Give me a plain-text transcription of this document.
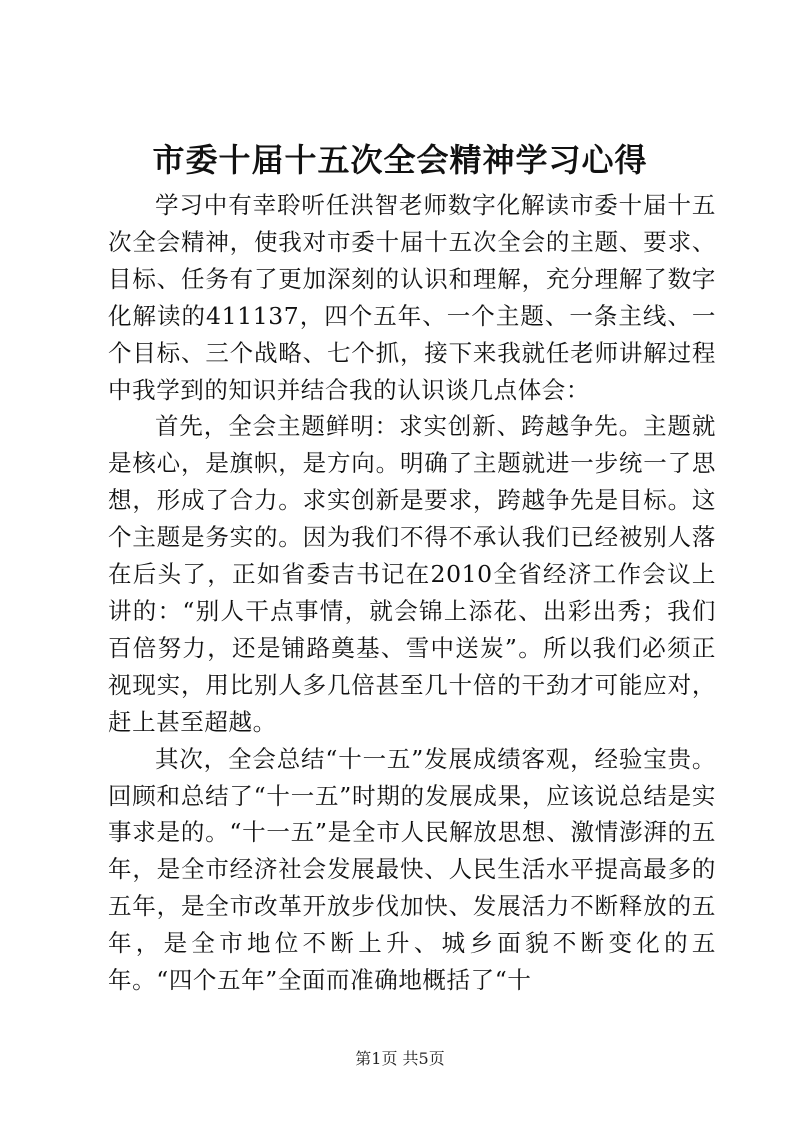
市委十届十五次全会精神学习心得

学习中有幸聆听任洪智老师数字化解读市委十届十五次全会精神，使我对市委十届十五次全会的主题、要求、目标、任务有了更加深刻的认识和理解，充分理解了数字化解读的411137，四个五年、一个主题、一条主线、一个目标、三个战略、七个抓，接下来我就任老师讲解过程中我学到的知识并结合我的认识谈几点体会：

首先，全会主题鲜明：求实创新、跨越争先。主题就是核心，是旗帜，是方向。明确了主题就进一步统一了思想，形成了合力。求实创新是要求，跨越争先是目标。这个主题是务实的。因为我们不得不承认我们已经被别人落在后头了，正如省委吉书记在2010全省经济工作会议上讲的：“别人干点事情，就会锦上添花、出彩出秀；我们百倍努力，还是铺路奠基、雪中送炭”。所以我们必须正视现实，用比别人多几倍甚至几十倍的干劲才可能应对，赶上甚至超越。

其次，全会总结“十一五”发展成绩客观，经验宝贵。回顾和总结了“十一五”时期的发展成果，应该说总结是实事求是的。“十一五”是全市人民解放思想、激情澎湃的五年，是全市经济社会发展最快、人民生活水平提高最多的五年，是全市改革开放步伐加快、发展活力不断释放的五年，是全市地位不断上升、城乡面貌不断变化的五年。“四个五年”全面而准确地概括了“十

第1页 共5页
